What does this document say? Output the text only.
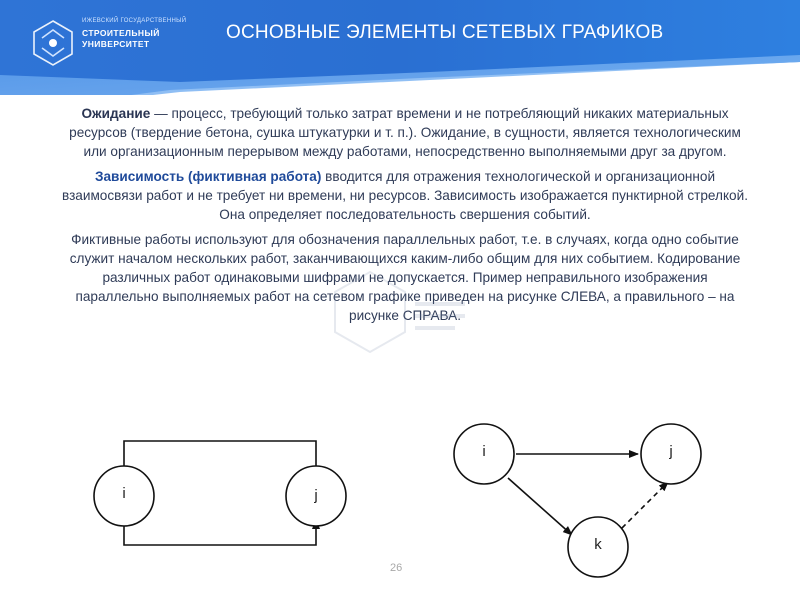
ИЖЕВСКИЙ ГОСУДАРСТВЕННЫЙ
СТРОИТЕЛЬНЫЙ
УНИВЕРСИТЕТ
ОСНОВНЫЕ ЭЛЕМЕНТЫ СЕТЕВЫХ ГРАФИКОВ

Ожидание — процесс, требующий только затрат времени и не потребляющий никаких материальных ресурсов (твердение бетона, сушка штукатурки и т. п.). Ожидание, в сущности, является технологическим или организационным перерывом между работами, непосредственно выполняемыми друг за другом.

Зависимость (фиктивная работа) вводится для отражения технологической и организационной взаимосвязи работ и не требует ни времени, ни ресурсов. Зависимость изображается пунктирной стрелкой. Она определяет последовательность свершения событий.

Фиктивные работы используют для обозначения параллельных работ, т.е. в случаях, когда одно событие служит началом нескольких работ, заканчивающихся каким-либо общим для них событием. Кодирование различных работ одинаковыми шифрами не допускается. Пример неправильного изображения параллельно выполняемых работ на сетевом графике приведен на рисунке СЛЕВА, а правильного – на рисунке СПРАВА.

i	j
i	j
k
26
